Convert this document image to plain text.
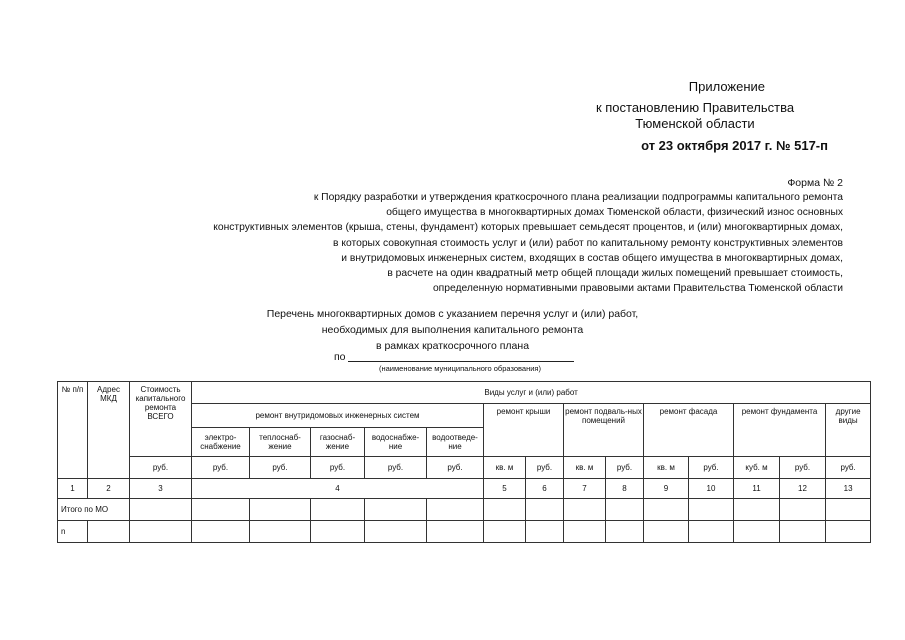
Приложение
к постановлению Правительства
Тюменской области
от 23 октября 2017 г. № 517-п
Форма № 2
к Порядку разработки и утверждения краткосрочного плана реализации подпрограммы капитального ремонта
общего имущества в многоквартирных домах Тюменской области, физический износ основных
конструктивных элементов (крыша, стены, фундамент) которых превышает семьдесят процентов, и (или) многоквартирных домах,
в которых совокупная стоимость услуг и (или) работ по капитальному ремонту конструктивных элементов
и внутридомовых инженерных систем, входящих в состав общего имущества в многоквартирных домах,
в расчете на один квадратный метр общей площади жилых помещений превышает стоимость,
определенную нормативными правовыми актами Правительства Тюменской области
Перечень многоквартирных домов с указанием перечня услуг и (или) работ,
необходимых для выполнения капитального ремонта
в рамках краткосрочного плана
по
(наименование муниципального образования)
№ п/п	Адрес МКД	Стоимость капитального ремонта ВСЕГО	Виды услуг и (или) работ													
			ремонт внутридомовых инженерных систем					ремонт крыши		ремонт подваль-ных помещений		ремонт фасада		ремонт фундамента		другие виды
			электро-снабжение	теплоснаб-жение	газоснаб-жение	водоснабже-ние	водоотведе-ние									
		руб.	руб.	руб.	руб.	руб.	руб.	кв. м	руб.	кв. м	руб.	кв. м	руб.	куб. м	руб.	руб.
1	2	3	4					5	6	7	8	9	10	11	12	13
Итого по МО																
n																
